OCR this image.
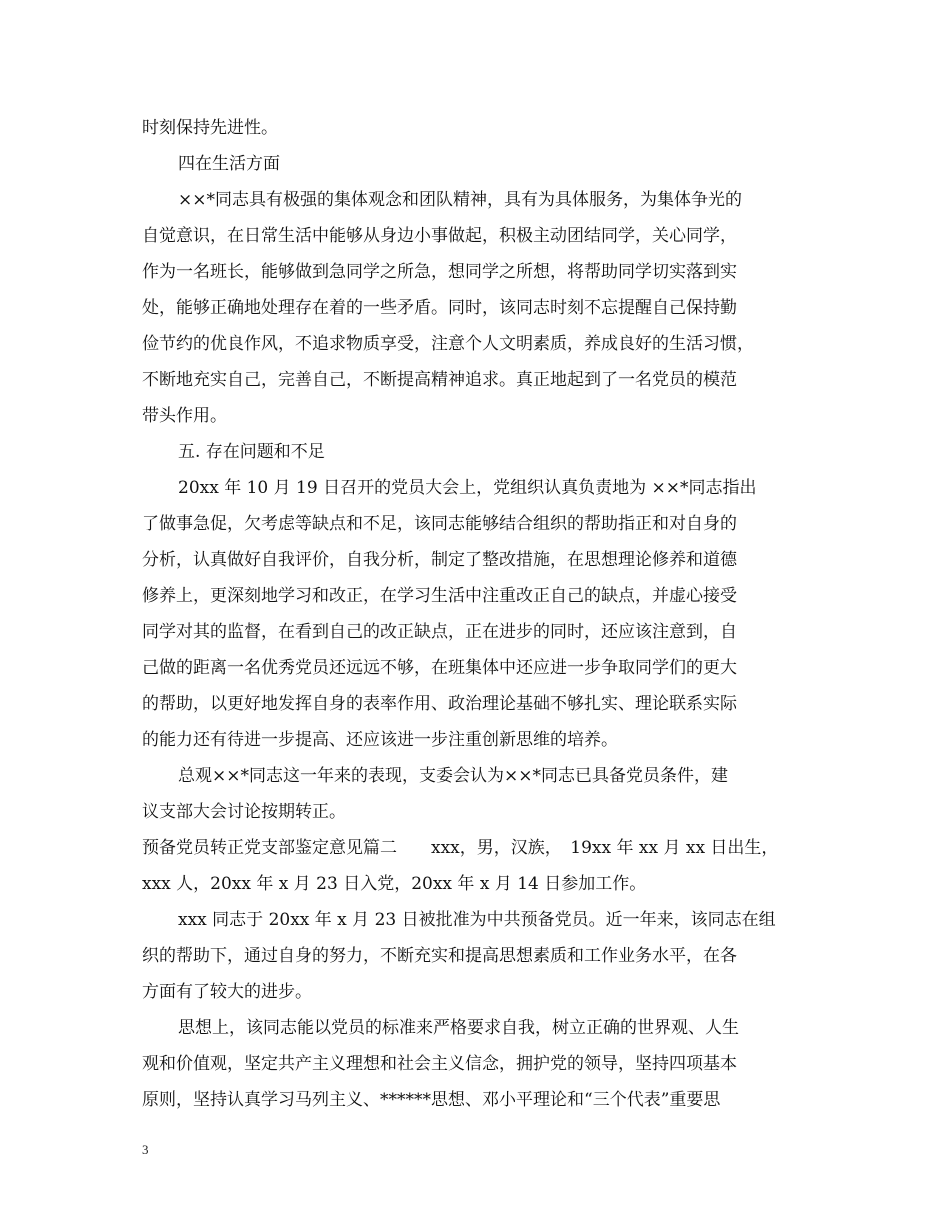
时刻保持先进性。
四在生活方面
××*同志具有极强的集体观念和团队精神，具有为具体服务，为集体争光的
自觉意识，在日常生活中能够从身边小事做起，积极主动团结同学，关心同学，
作为一名班长，能够做到急同学之所急，想同学之所想，将帮助同学切实落到实
处，能够正确地处理存在着的一些矛盾。同时，该同志时刻不忘提醒自己保持勤
俭节约的优良作风，不追求物质享受，注意个人文明素质，养成良好的生活习惯，
不断地充实自己，完善自己，不断提高精神追求。真正地起到了一名党员的模范
带头作用。
五. 存在问题和不足
20xx 年 10 月 19 日召开的党员大会上，党组织认真负责地为 ××*同志指出
了做事急促，欠考虑等缺点和不足，该同志能够结合组织的帮助指正和对自身的
分析，认真做好自我评价，自我分析，制定了整改措施，在思想理论修养和道德
修养上，更深刻地学习和改正，在学习生活中注重改正自己的缺点，并虚心接受
同学对其的监督，在看到自己的改正缺点，正在进步的同时，还应该注意到，自
己做的距离一名优秀党员还远远不够，在班集体中还应进一步争取同学们的更大
的帮助，以更好地发挥自身的表率作用、政治理论基础不够扎实、理论联系实际
的能力还有待进一步提高、还应该进一步注重创新思维的培养。
总观××*同志这一年来的表现，支委会认为××*同志已具备党员条件，建
议支部大会讨论按期转正。
预备党员转正党支部鉴定意见篇二　　xxx，男，汉族，　19xx 年 xx 月 xx 日出生，
xxx 人，20xx 年 x 月 23 日入党，20xx 年 x 月 14 日参加工作。
xxx 同志于 20xx 年 x 月 23 日被批准为中共预备党员。近一年来，该同志在组
织的帮助下，通过自身的努力，不断充实和提高思想素质和工作业务水平，在各
方面有了较大的进步。
思想上，该同志能以党员的标准来严格要求自我，树立正确的世界观、人生
观和价值观，坚定共产主义理想和社会主义信念，拥护党的领导，坚持四项基本
原则，坚持认真学习马列主义、******思想、邓小平理论和“三个代表”重要思
3
